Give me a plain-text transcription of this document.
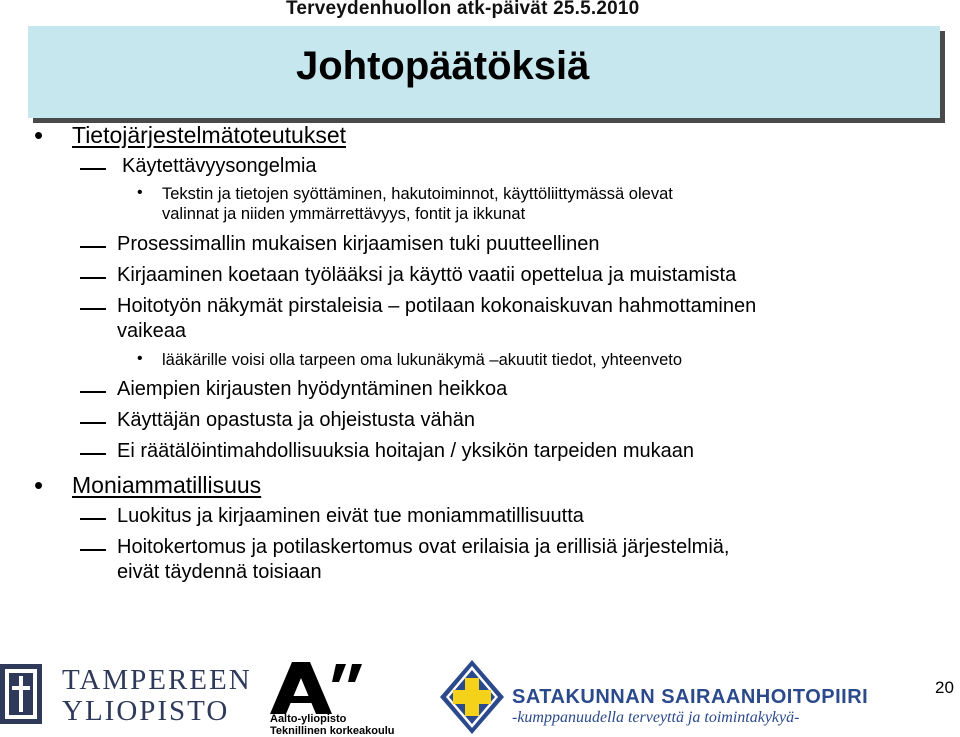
Terveydenhuollon atk-päivät 25.5.2010
Johtopäätöksiä
• Tietojärjestelmätoteutukset
Käytettävyysongelmia
• Tekstin ja tietojen syöttäminen, hakutoiminnot, käyttöliittymässä olevat
valinnat ja niiden ymmärrettävyys, fontit ja ikkunat
Prosessimallin mukaisen kirjaamisen tuki puutteellinen
Kirjaaminen koetaan työlääksi ja käyttö vaatii opettelua ja muistamista
Hoitotyön näkymät pirstaleisia – potilaan kokonaiskuvan hahmottaminen
vaikeaa
• lääkärille voisi olla tarpeen oma lukunäkymä –akuutit tiedot, yhteenveto
Aiempien kirjausten hyödyntäminen heikkoa
Käyttäjän opastusta ja ohjeistusta vähän
Ei räätälöintimahdollisuuksia hoitajan / yksikön tarpeiden mukaan
• Moniammatillisuus
Luokitus ja kirjaaminen eivät tue moniammatillisuutta
Hoitokertomus ja potilaskertomus ovat erilaisia ja erillisiä järjestelmiä,
eivät täydennä toisiaan
TAMPEREEN
YLIOPISTO	Aalto-yliopisto
Teknillinen korkeakoulu
SATAKUNNAN SAIRAANHOITOPIIRI
-kumppanuudella terveyttä ja toimintakykyä-
20
